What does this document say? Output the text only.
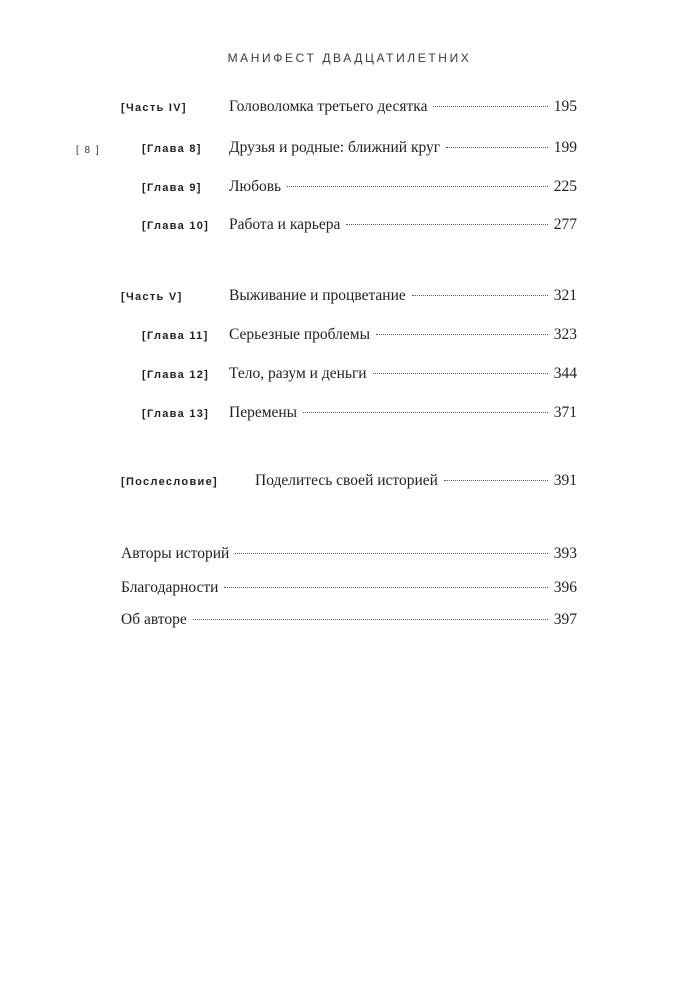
МАНИФЕСТ ДВАДЦАТИЛЕТНИХ
[ 8 ]
[Часть IV]	Головоломка третьего десятка	195
[Глава 8]	Друзья и родные: ближний круг	199
[Глава 9]	Любовь	225
[Глава 10]	Работа и карьера	277
[Часть V]	Выживание и процветание	321
[Глава 11]	Серьезные проблемы	323
[Глава 12]	Тело, разум и деньги	344
[Глава 13]	Перемены	371
[Послесловие]	Поделитесь своей историей	391
Авторы историй	393
Благодарности	396
Об авторе	397
